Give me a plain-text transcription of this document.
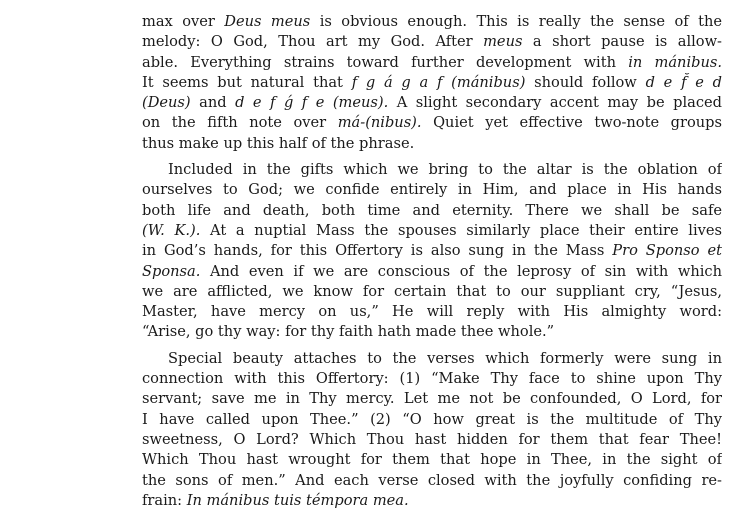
max over Deus meus is obvious enough. This is really the sense of the
melody: O God, Thou art my God. After meus a short pause is allow-
able. Everything strains toward further development with in mánibus.
It seems but natural that f g á g a f (mánibus) should follow d e f̆ e d
(Deus) and d e f ǵ f e (meus). A slight secondary accent may be placed
on the fifth note over má-(nibus). Quiet yet effective two-note groups
thus make up this half of the phrase.
Included in the gifts which we bring to the altar is the oblation of
ourselves to God; we confide entirely in Him, and place in His hands
both life and death, both time and eternity. There we shall be safe
(W. K.). At a nuptial Mass the spouses similarly place their entire lives
in God’s hands, for this Offertory is also sung in the Mass Pro Sponso et
Sponsa. And even if we are conscious of the leprosy of sin with which
we are afflicted, we know for certain that to our suppliant cry, “Jesus,
Master, have mercy on us,” He will reply with His almighty word:
“Arise, go thy way: for thy faith hath made thee whole.”
Special beauty attaches to the verses which formerly were sung in
connection with this Offertory: (1) “Make Thy face to shine upon Thy
servant; save me in Thy mercy. Let me not be confounded, O Lord, for
I have called upon Thee.” (2) “O how great is the multitude of Thy
sweetness, O Lord? Which Thou hast hidden for them that fear Thee!
Which Thou hast wrought for them that hope in Thee, in the sight of
the sons of men.” And each verse closed with the joyfully confiding re-
frain: In mánibus tuis témpora mea.
